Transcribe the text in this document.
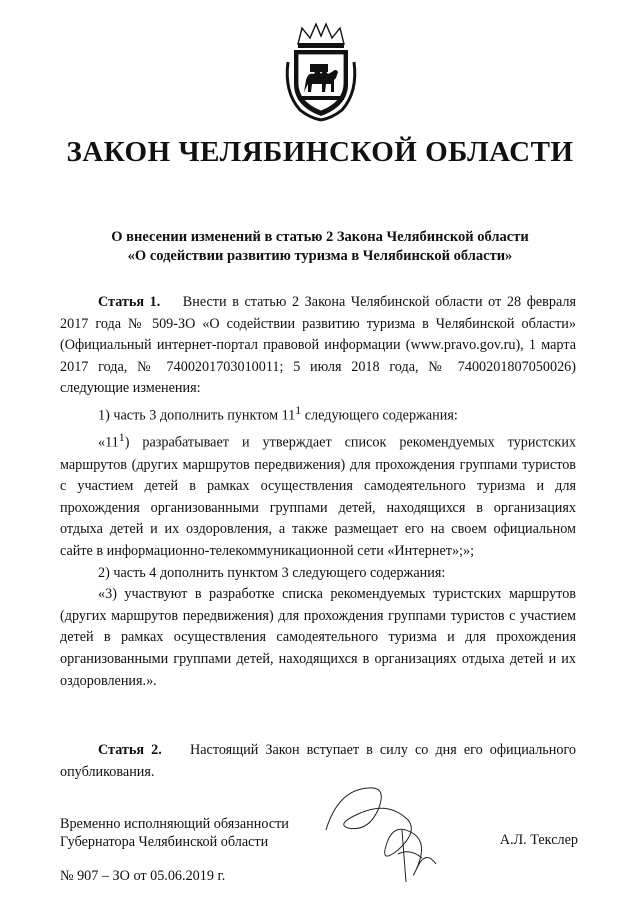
ЗАКОН ЧЕЛЯБИНСКОЙ ОБЛАСТИ
О внесении изменений в статью 2 Закона Челябинской области
«О содействии развитию туризма в Челябинской области»

Статья 1. Внести в статью 2 Закона Челябинской области от 28 февраля 2017 года № 509-ЗО «О содействии развитию туризма в Челябинской области» (Официальный интернет-портал правовой информации (www.pravo.gov.ru), 1 марта 2017 года, № 7400201703010011; 5 июля 2018 года, № 7400201807050026) следующие изменения:

1) часть 3 дополнить пунктом $11^1$ следующего содержания:

«$11^1$) разрабатывает и утверждает список рекомендуемых туристских маршрутов (других маршрутов передвижения) для прохождения группами туристов с участием детей в рамках осуществления самодеятельного туризма и для прохождения организованными группами детей, находящихся в организациях отдыха детей и их оздоровления, а также размещает его на своем официальном сайте в информационно-телекоммуникационной сети «Интернет»;»;

2) часть 4 дополнить пунктом 3 следующего содержания:

«3) участвуют в разработке списка рекомендуемых туристских маршрутов (других маршрутов передвижения) для прохождения группами туристов с участием детей в рамках осуществления самодеятельного туризма и для прохождения организованными группами детей, находящихся в организациях отдыха детей и их оздоровления.».

Статья 2. Настоящий Закон вступает в силу со дня его официального опубликования.

Временно исполняющий обязанности
Губернатора Челябинской области	А.Л. Текслер
№ 907 – ЗО от 05.06.2019 г.
